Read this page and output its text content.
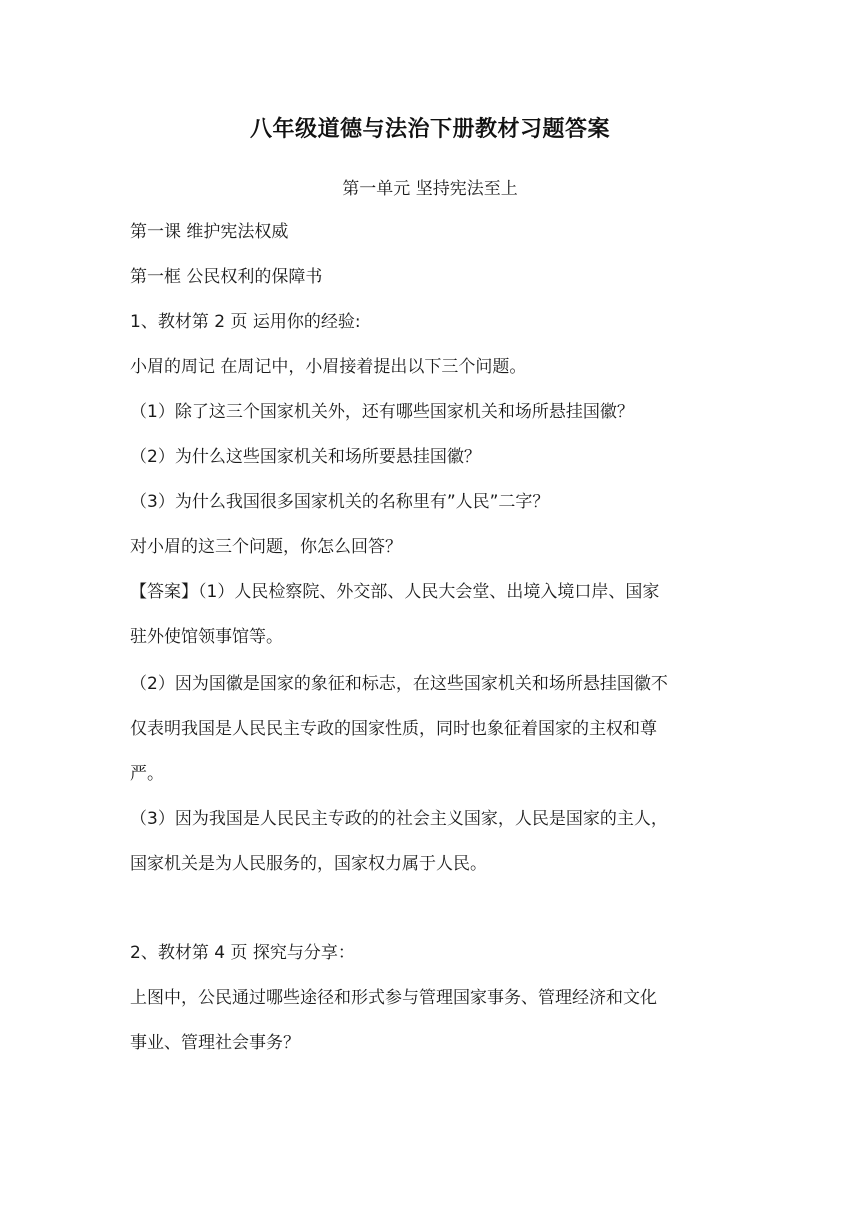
八年级道德与法治下册教材习题答案
第一单元 坚持宪法至上
第一课 维护宪法权威
第一框 公民权利的保障书
1、教材第 2 页 运用你的经验:
小眉的周记 在周记中，小眉接着提出以下三个问题。
（1）除了这三个国家机关外，还有哪些国家机关和场所悬挂国徽？
（2）为什么这些国家机关和场所要悬挂国徽？
（3）为什么我国很多国家机关的名称里有”人民”二字？
对小眉的这三个问题，你怎么回答？
【答案】（1）人民检察院、外交部、人民大会堂、出境入境口岸、国家
驻外使馆领事馆等。
（2）因为国徽是国家的象征和标志，在这些国家机关和场所悬挂国徽不
仅表明我国是人民民主专政的国家性质，同时也象征着国家的主权和尊
严。
（3）因为我国是人民民主专政的的社会主义国家，人民是国家的主人，
国家机关是为人民服务的，国家权力属于人民。
2、教材第 4 页 探究与分享：
上图中，公民通过哪些途径和形式参与管理国家事务、管理经济和文化
事业、管理社会事务？
